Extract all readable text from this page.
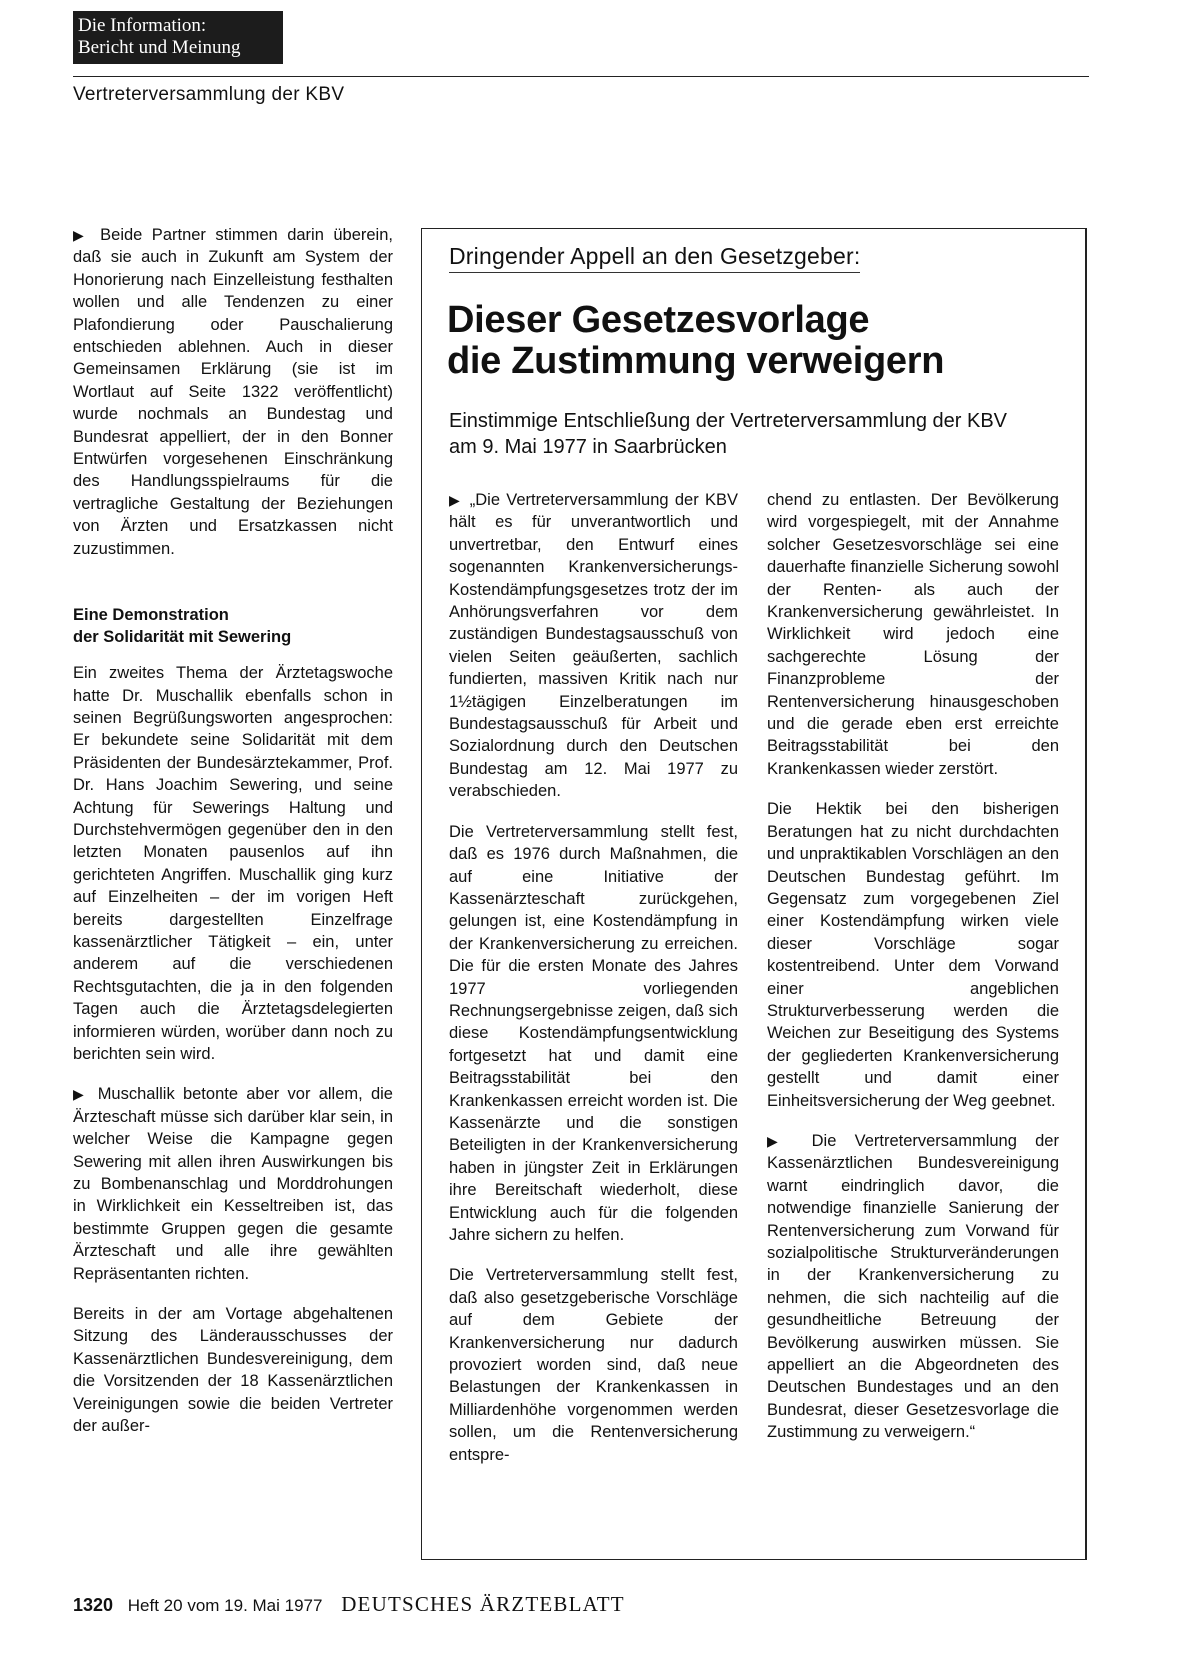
Die Information:
Bericht und Meinung
Vertreterversammlung der KBV

▶ Beide Partner stimmen darin überein, daß sie auch in Zukunft am System der Honorierung nach Einzelleistung festhalten wollen und alle Tendenzen zu einer Plafondierung oder Pauschalierung entschieden ablehnen. Auch in dieser Gemeinsamen Erklärung (sie ist im Wortlaut auf Seite 1322 veröffentlicht) wurde nochmals an Bundestag und Bundesrat appelliert, der in den Bonner Entwürfen vorgesehenen Einschränkung des Handlungsspielraums für die vertragliche Gestaltung der Beziehungen von Ärzten und Ersatzkassen nicht zuzustimmen.

Eine Demonstration
der Solidarität mit Sewering

Ein zweites Thema der Ärztetagswoche hatte Dr. Muschallik ebenfalls schon in seinen Begrüßungsworten angesprochen: Er bekundete seine Solidarität mit dem Präsidenten der Bundesärztekammer, Prof. Dr. Hans Joachim Sewering, und seine Achtung für Sewerings Haltung und Durchstehvermögen gegenüber den in den letzten Monaten pausenlos auf ihn gerichteten Angriffen. Muschallik ging kurz auf Einzelheiten – der im vorigen Heft bereits dargestellten Einzelfrage kassenärztlicher Tätigkeit – ein, unter anderem auf die verschiedenen Rechtsgutachten, die ja in den folgenden Tagen auch die Ärztetagsdelegierten informieren würden, worüber dann noch zu berichten sein wird.

▶ Muschallik betonte aber vor allem, die Ärzteschaft müsse sich darüber klar sein, in welcher Weise die Kampagne gegen Sewering mit allen ihren Auswirkungen bis zu Bombenanschlag und Morddrohungen in Wirklichkeit ein Kesseltreiben ist, das bestimmte Gruppen gegen die gesamte Ärzteschaft und alle ihre gewählten Repräsentanten richten.

Bereits in der am Vortage abgehaltenen Sitzung des Länderausschusses der Kassenärztlichen Bundesvereinigung, dem die Vorsitzenden der 18 Kassenärztlichen Vereinigungen sowie die beiden Vertreter der außer-

Dringender Appell an den Gesetzgeber:
Dieser Gesetzesvorlage
die Zustimmung verweigern
Einstimmige Entschließung der Vertreterversammlung der KBV
am 9. Mai 1977 in Saarbrücken

▶ „Die Vertreterversammlung der KBV hält es für unverantwortlich und unvertretbar, den Entwurf eines sogenannten Krankenversicherungs-Kostendämpfungsgesetzes trotz der im Anhörungsverfahren vor dem zuständigen Bundestagsausschuß von vielen Seiten geäußerten, sachlich fundierten, massiven Kritik nach nur 1½tägigen Einzelberatungen im Bundestagsausschuß für Arbeit und Sozialordnung durch den Deutschen Bundestag am 12. Mai 1977 zu verabschieden.

Die Vertreterversammlung stellt fest, daß es 1976 durch Maßnahmen, die auf eine Initiative der Kassenärzteschaft zurückgehen, gelungen ist, eine Kostendämpfung in der Krankenversicherung zu erreichen. Die für die ersten Monate des Jahres 1977 vorliegenden Rechnungsergebnisse zeigen, daß sich diese Kostendämpfungsentwicklung fortgesetzt hat und damit eine Beitragsstabilität bei den Krankenkassen erreicht worden ist. Die Kassenärzte und die sonstigen Beteiligten in der Krankenversicherung haben in jüngster Zeit in Erklärungen ihre Bereitschaft wiederholt, diese Entwicklung auch für die folgenden Jahre sichern zu helfen.

Die Vertreterversammlung stellt fest, daß also gesetzgeberische Vorschläge auf dem Gebiete der Krankenversicherung nur dadurch provoziert worden sind, daß neue Belastungen der Krankenkassen in Milliardenhöhe vorgenommen werden sollen, um die Rentenversicherung entspre-

chend zu entlasten. Der Bevölkerung wird vorgespiegelt, mit der Annahme solcher Gesetzesvorschläge sei eine dauerhafte finanzielle Sicherung sowohl der Renten- als auch der Krankenversicherung gewährleistet. In Wirklichkeit wird jedoch eine sachgerechte Lösung der Finanzprobleme der Rentenversicherung hinausgeschoben und die gerade eben erst erreichte Beitragsstabilität bei den Krankenkassen wieder zerstört.

Die Hektik bei den bisherigen Beratungen hat zu nicht durchdachten und unpraktikablen Vorschlägen an den Deutschen Bundestag geführt. Im Gegensatz zum vorgegebenen Ziel einer Kostendämpfung wirken viele dieser Vorschläge sogar kostentreibend. Unter dem Vorwand einer angeblichen Strukturverbesserung werden die Weichen zur Beseitigung des Systems der gegliederten Krankenversicherung gestellt und damit einer Einheitsversicherung der Weg geebnet.

▶ Die Vertreterversammlung der Kassenärztlichen Bundesvereinigung warnt eindringlich davor, die notwendige finanzielle Sanierung der Rentenversicherung zum Vorwand für sozialpolitische Strukturveränderungen in der Krankenversicherung zu nehmen, die sich nachteilig auf die gesundheitliche Betreuung der Bevölkerung auswirken müssen. Sie appelliert an die Abgeordneten des Deutschen Bundestages und an den Bundesrat, dieser Gesetzesvorlage die Zustimmung zu verweigern.“

1320 Heft 20 vom 19. Mai 1977 DEUTSCHES ÄRZTEBLATT
